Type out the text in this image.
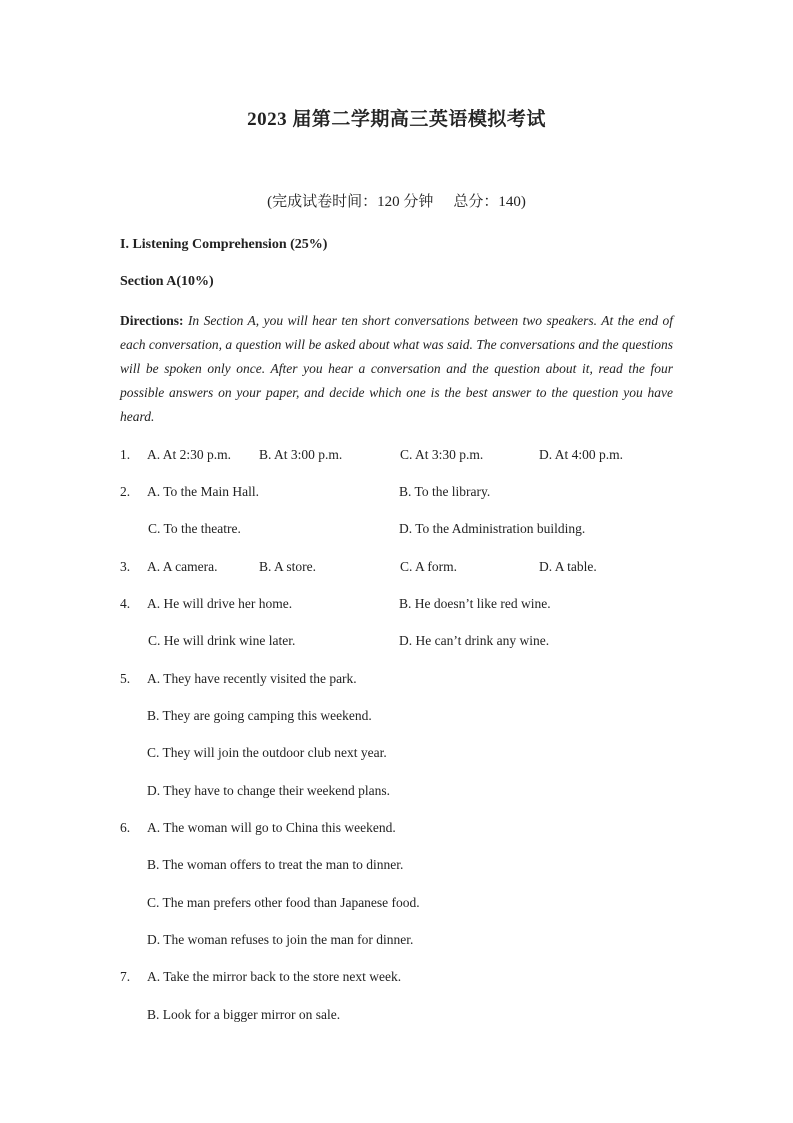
2023 届第二学期高三英语模拟考试
(完成试卷时间：120 分钟 总分：140)
I. Listening Comprehension (25%)
Section A(10%)
Directions: In Section A, you will hear ten short conversations between two speakers. At the end of each conversation, a question will be asked about what was said. The conversations and the questions will be spoken only once. After you hear a conversation and the question about it, read the four possible answers on your paper, and decide which one is the best answer to the question you have heard.
1. A. At 2:30 p.m. B. At 3:00 p.m.	C. At 3:30 p.m.	D. At 4:00 p.m.
2. A. To the Main Hall.	B. To the library.
C. To the theatre.	D. To the Administration building.
3. A. A camera.	B. A store.	C. A form.	D. A table.
4. A. He will drive her home.	B. He doesn’t like red wine.
C. He will drink wine later.	D. He can’t drink any wine.
5. A. They have recently visited the park.
B. They are going camping this weekend.
C. They will join the outdoor club next year.
D. They have to change their weekend plans.
6. A. The woman will go to China this weekend.
B. The woman offers to treat the man to dinner.
C. The man prefers other food than Japanese food.
D. The woman refuses to join the man for dinner.
7. A. Take the mirror back to the store next week.
B. Look for a bigger mirror on sale.
